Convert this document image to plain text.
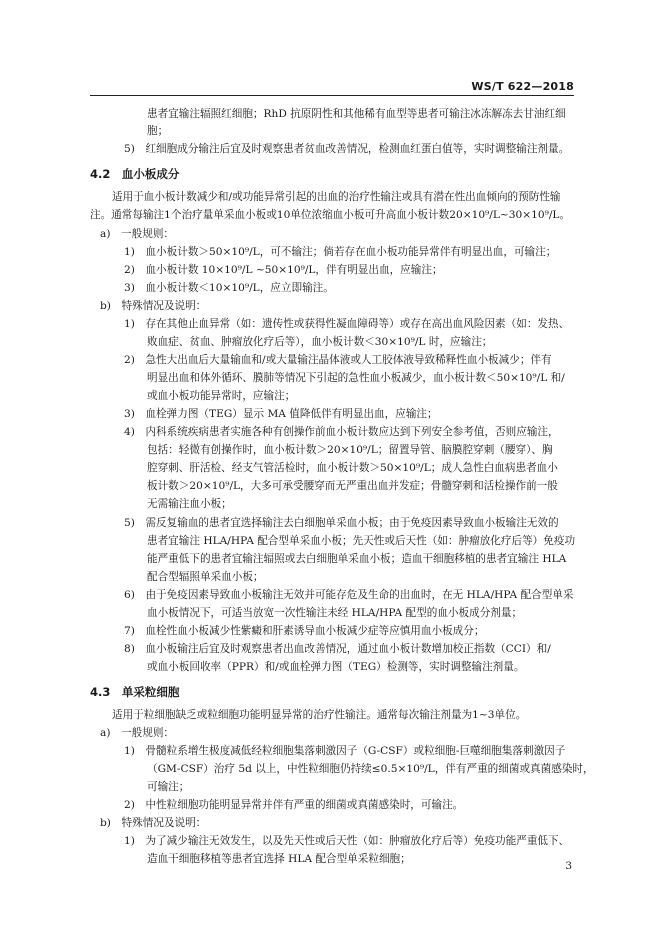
WS/T 622—2018
患者宜输注辐照红细胞；RhD 抗原阴性和其他稀有血型等患者可输注冰冻解冻去甘油红细
胞；
5)　红细胞成分输注后宜及时观察患者贫血改善情况，检测血红蛋白值等，实时调整输注剂量。
4.2　血小板成分
适用于血小板计数减少和/或功能异常引起的出血的治疗性输注或具有潜在性出血倾向的预防性输
注。通常每输注1个治疗量单采血小板或10单位浓缩血小板可升高血小板计数20×10⁹/L~30×10⁹/L。
a)　一般规则：
1)　血小板计数＞50×10⁹/L，可不输注；倘若存在血小板功能异常伴有明显出血，可输注；
2)　血小板计数 10×10⁹/L ~50×10⁹/L，伴有明显出血，应输注；
3)　血小板计数＜10×10⁹/L，应立即输注。
b)　特殊情况及说明：
1)　存在其他止血异常（如：遗传性或获得性凝血障碍等）或存在高出血风险因素（如：发热、
败血症、贫血、肿瘤放化疗后等），血小板计数＜30×10⁹/L 时，应输注；
2)　急性大出血后大量输血和/或大量输注晶体液或人工胶体液导致稀释性血小板减少；伴有
明显出血和体外循环、膜肺等情况下引起的急性血小板减少，血小板计数＜50×10⁹/L 和/
或血小板功能异常时，应输注；
3)　血栓弹力图（TEG）显示 MA 值降低伴有明显出血，应输注；
4)　内科系统疾病患者实施各种有创操作前血小板计数应达到下列安全参考值，否则应输注，
包括：轻微有创操作时，血小板计数＞20×10⁹/L；留置导管、脑膜腔穿刺（腰穿）、胸
腔穿刺、肝活检、经支气管活检时，血小板计数＞50×10⁹/L；成人急性白血病患者血小
板计数＞20×10⁹/L，大多可承受腰穿而无严重出血并发症；骨髓穿刺和活检操作前一般
无需输注血小板；
5)　需反复输血的患者宜选择输注去白细胞单采血小板；由于免疫因素导致血小板输注无效的
患者宜输注 HLA/HPA 配合型单采血小板；先天性或后天性（如：肿瘤放化疗后等）免疫功
能严重低下的患者宜输注辐照或去白细胞单采血小板；造血干细胞移植的患者宜输注 HLA
配合型辐照单采血小板；
6)　由于免疫因素导致血小板输注无效并可能存危及生命的出血时，在无 HLA/HPA 配合型单采
血小板情况下，可适当放宽一次性输注未经 HLA/HPA 配型的血小板成分剂量；
7)　血栓性血小板减少性紫癜和肝素诱导血小板减少症等应慎用血小板成分；
8)　血小板输注后宜及时观察患者出血改善情况，通过血小板计数增加校正指数（CCI）和/
或血小板回收率（PPR）和/或血栓弹力图（TEG）检测等，实时调整输注剂量。
4.3　单采粒细胞
适用于粒细胞缺乏或粒细胞功能明显异常的治疗性输注。通常每次输注剂量为1~3单位。
a)　一般规则：
1)　骨髓粒系增生极度减低经粒细胞集落刺激因子（G-CSF）或粒细胞-巨噬细胞集落刺激因子
（GM-CSF）治疗 5d 以上，中性粒细胞仍持续≤0.5×10⁹/L，伴有严重的细菌或真菌感染时，
可输注；
2)　中性粒细胞功能明显异常并伴有严重的细菌或真菌感染时，可输注。
b)　特殊情况及说明：
1)　为了减少输注无效发生，以及先天性或后天性（如：肿瘤放化疗后等）免疫功能严重低下、
造血干细胞移植等患者宜选择 HLA 配合型单采粒细胞；
3
